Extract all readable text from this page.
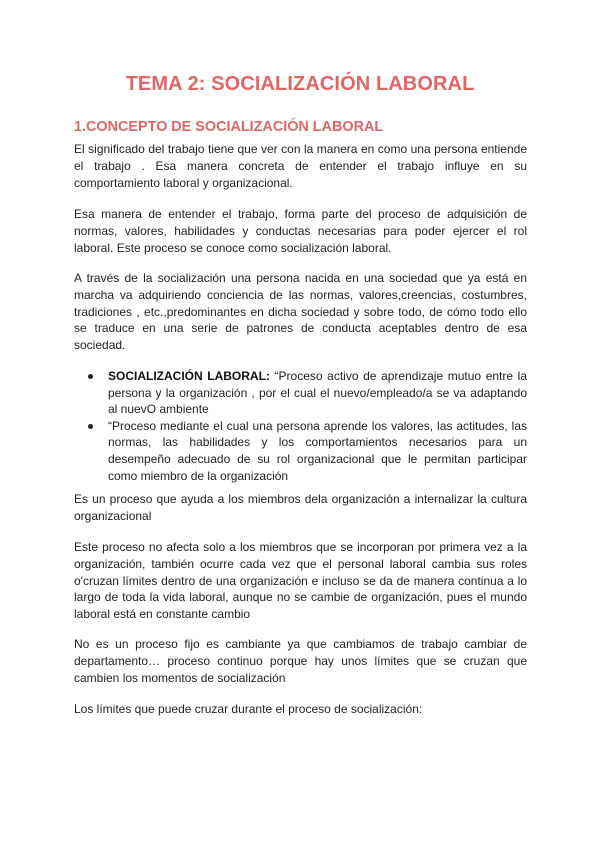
TEMA 2: SOCIALIZACIÓN LABORAL
1.CONCEPTO DE SOCIALIZACIÓN LABORAL

El significado del trabajo tiene que ver con la manera en como una persona entiende el trabajo . Esa manera concreta de entender el trabajo influye en su comportamiento laboral y organizacional.

Esa manera de entender el trabajo, forma parte del proceso de adquisición de normas, valores, habilidades y conductas necesarias para poder ejercer el rol laboral. Este proceso se conoce como socialización laboral.

A través de la socialización una persona nacida en una sociedad que ya está en marcha va adquiriendo conciencia de las normas, valores,creencias, costumbres, tradiciones , etc.,predominantes en dicha sociedad y sobre todo, de cómo todo ello se traduce en una serie de patrones de conducta aceptables dentro de esa sociedad.

SOCIALIZACIÓN LABORAL: “Proceso activo de aprendizaje mutuo entre la persona y la organización , por el cual el nuevo/empleado/a se va adaptando al nuevO ambiente
“Proceso mediante el cual una persona aprende los valores, las actitudes, las normas, las habilidades y los comportamientos necesarios para un desempeño adecuado de su rol organizacional que le permitan participar como miembro de la organización

Es un proceso que ayuda a los miembros dela organización a internalizar la cultura organizacional

Este proceso no afecta solo a los miembros que se incorporan por primera vez a la organización, también ocurre cada vez que el personal laboral cambia sus roles o'cruzan límites dentro de una organización e incluso se da de manera continua a lo largo de toda la vida laboral, aunque no se cambie de organización, pues el mundo laboral está en constante cambio

No es un proceso fijo es cambiante ya que cambiamos de trabajo cambiar de departamento… proceso continuo porque hay unos límites que se cruzan que cambien los momentos de socialización

Los límites que puede cruzar durante el proceso de socialización:
